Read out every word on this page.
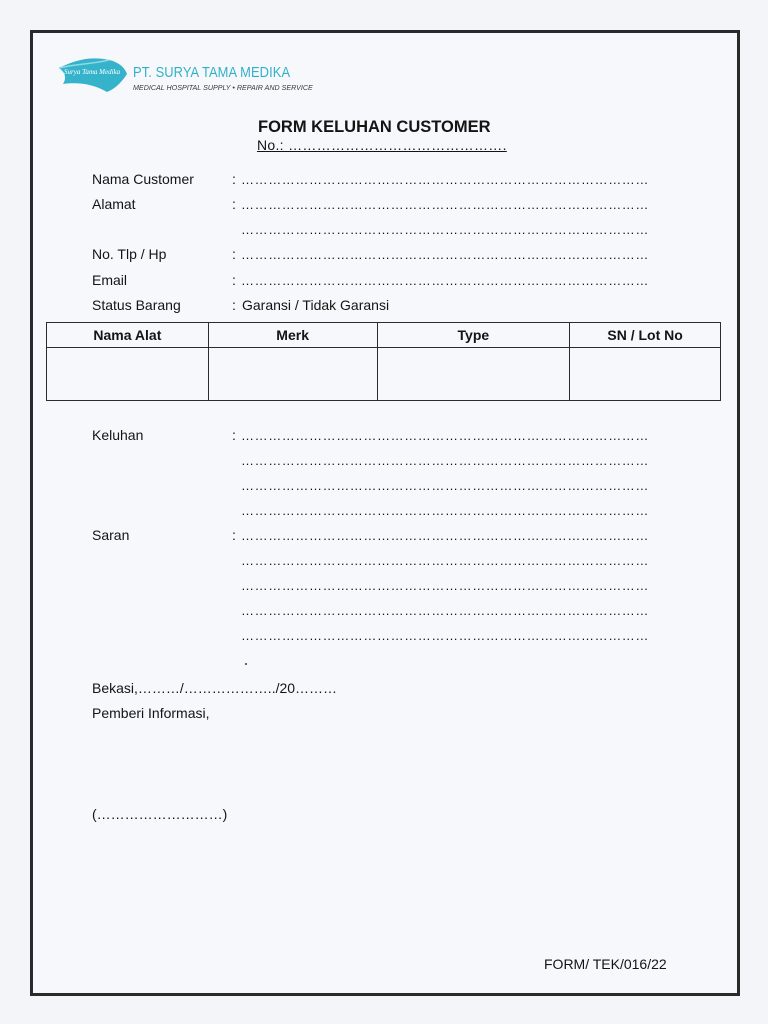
Surya Tama Medika PT. SURYA TAMA MEDIKA
MEDICAL HOSPITAL SUPPLY • REPAIR AND SERVICE
FORM KELUHAN CUSTOMER
No.: ……………………………………….
Nama Customer	: ………………………………………………………………………………
Alamat	: ………………………………………………………………………………
………………………………………………………………………………
No. Tlp / Hp	: ………………………………………………………………………………
Email	: ………………………………………………………………………………
Status Barang	: Garansi / Tidak Garansi
Nama Alat	Merk	Type	SN / Lot No

Keluhan	: ………………………………………………………………………………
………………………………………………………………………………
………………………………………………………………………………
………………………………………………………………………………
Saran	: ………………………………………………………………………………
………………………………………………………………………………
………………………………………………………………………………
………………………………………………………………………………
………………………………………………………………………………
Bekasi,………/………………../20………
Pemberi Informasi,
(………………………)
FORM/ TEK/016/22
